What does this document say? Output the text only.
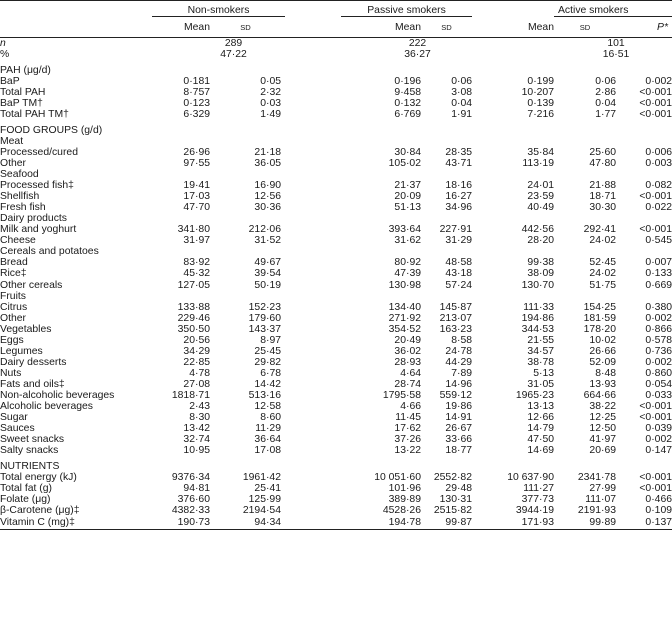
	Non-smokers			Passive smokers			Active smokers	
	Mean	SD		Mean	SD	Mean	SD	P*

n	289			222			101	
%	47·22			36·27			16·51	

PAH (μg/d)								
BaP	0·181	0·05		0·196	0·06	0·199	0·06	0·002
Total PAH	8·757	2·32		9·458	3·08	10·207	2·86	<0·001
BaP TM†	0·123	0·03		0·132	0·04	0·139	0·04	<0·001
Total PAH TM†	6·329	1·49		6·769	1·91	7·216	1·77	<0·001

FOOD GROUPS (g/d)								
Meat								
Processed/cured	26·96	21·18		30·84	28·35	35·84	25·60	0·006
Other	97·55	36·05		105·02	43·71	113·19	47·80	0·003
Seafood								
Processed fish‡	19·41	16·90		21·37	18·16	24·01	21·88	0·082
Shellfish	17·03	12·56		20·09	16·27	23·59	18·71	<0·001
Fresh fish	47·70	30·36		51·13	34·96	40·49	30·30	0·022
Dairy products								
Milk and yoghurt	341·80	212·06		393·64	227·91	442·56	292·41	<0·001
Cheese	31·97	31·52		31·62	31·29	28·20	24·02	0·545
Cereals and potatoes								
Bread	83·92	49·67		80·92	48·58	99·38	52·45	0·007
Rice‡	45·32	39·54		47·39	43·18	38·09	24·02	0·133
Other cereals	127·05	50·19		130·98	57·24	130·70	51·75	0·669
Fruits								
Citrus	133·88	152·23		134·40	145·87	111·33	154·25	0·380
Other	229·46	179·60		271·92	213·07	194·86	181·59	0·002
Vegetables	350·50	143·37		354·52	163·23	344·53	178·20	0·866
Eggs	20·56	8·97		20·49	8·58	21·55	10·02	0·578
Legumes	34·29	25·45		36·02	24·78	34·57	26·66	0·736
Dairy desserts	22·85	29·82		28·93	44·29	38·78	52·09	0·002
Nuts	4·78	6·78		4·64	7·89	5·13	8·48	0·860
Fats and oils‡	27·08	14·42		28·74	14·96	31·05	13·93	0·054
Non-alcoholic beverages	1818·71	513·16		1795·58	559·12	1965·23	664·66	0·033
Alcoholic beverages	2·43	12·58		4·66	19·86	13·13	38·22	<0·001
Sugar	8·30	8·60		11·45	14·91	12·66	12·25	<0·001
Sauces	13·42	11·29		17·62	26·67	14·79	12·50	0·039
Sweet snacks	32·74	36·64		37·26	33·66	47·50	41·97	0·002
Salty snacks	10·95	17·08		13·22	18·77	14·69	20·69	0·147

NUTRIENTS								
Total energy (kJ)	9376·34	1961·42		10 051·60	2552·82	10 637·90	2341·78	<0·001
Total fat (g)	94·81	25·41		101·96	29·48	111·27	27·99	<0·001
Folate (μg)	376·60	125·99		389·89	130·31	377·73	111·07	0·466
β-Carotene (μg)‡	4382·33	2194·54		4528·26	2515·82	3944·19	2191·93	0·109
Vitamin C (mg)‡	190·73	94·34		194·78	99·87	171·93	99·89	0·137
